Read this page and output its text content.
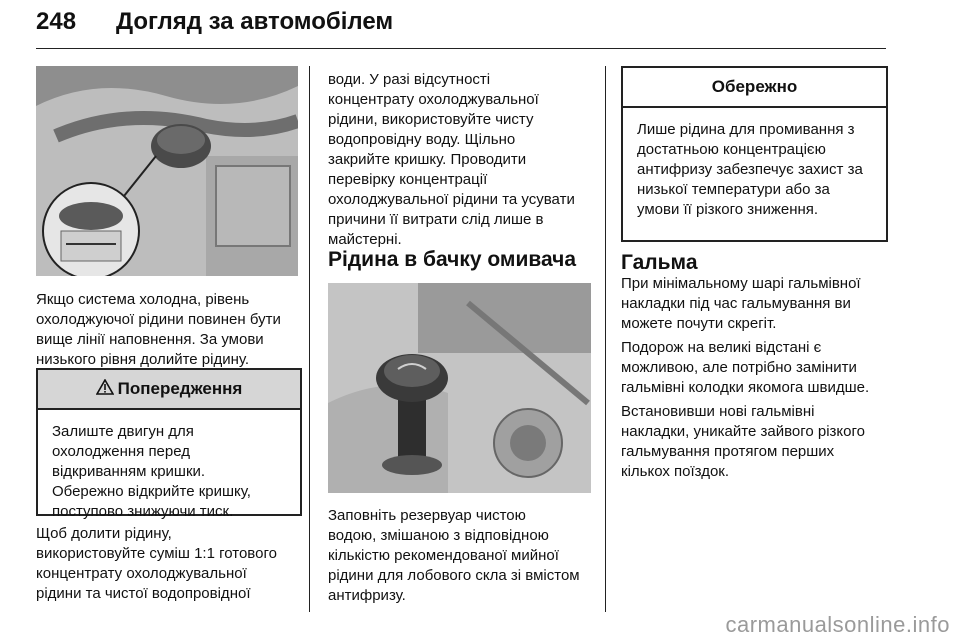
248 Догляд за автомобілем
Якщо система холодна, рівень
охолоджуючої рідини повинен бути
вище лінії наповнення. За умови
низького рівня долийте рідину.
Попередження
Залиште двигун для
охолодження перед
відкриванням кришки.
Обережно відкрийте кришку,
поступово знижуючи тиск.
Щоб долити рідину,
використовуйте суміш 1:1 готового
концентрату охолоджувальної
рідини та чистої водопровідної
води. У разі відсутності
концентрату охолоджувальної
рідини, використовуйте чисту
водопровідну воду. Щільно
закрийте кришку. Проводити
перевірку концентрації
охолоджувальної рідини та усувати
причини її витрати слід лише в
майстерні.
Рідина в бачку омивача
Заповніть резервуар чистою
водою, змішаною з відповідною
кількістю рекомендованої мийної
рідини для лобового скла зі вмістом
антифризу.
Обережно
Лише рідина для промивання з
достатньою концентрацією
антифризу забезпечує захист за
низької температури або за
умови її різкого зниження.
Гальма
При мінімальному шарі гальмівної
накладки під час гальмування ви
можете почути скрегіт.
Подорож на великі відстані є
можливою, але потрібно замінити
гальмівні колодки якомога швидше.
Встановивши нові гальмівні
накладки, уникайте зайвого різкого
гальмування протягом перших
кількох поїздок.
carmanualsonline.info
